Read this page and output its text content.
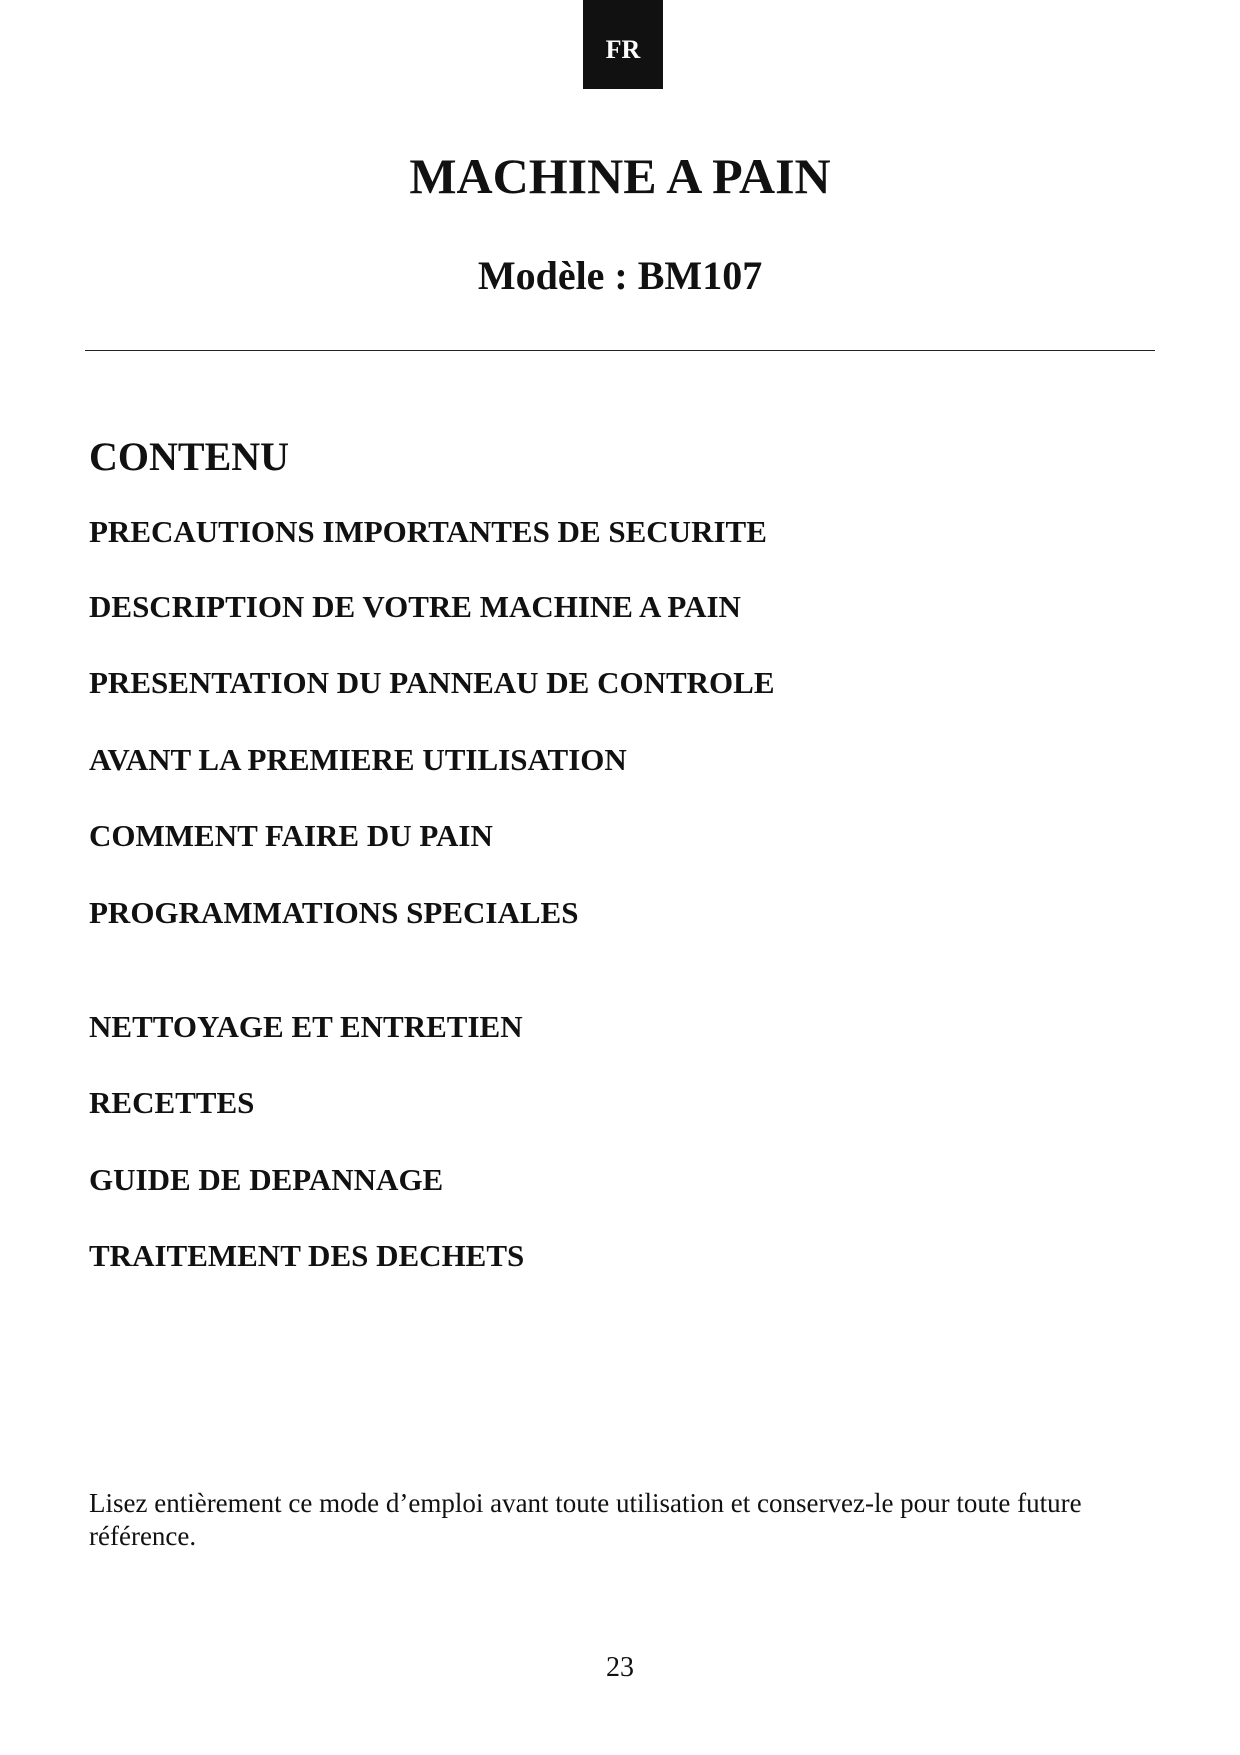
FR
MACHINE A PAIN
Modèle : BM107
CONTENU
PRECAUTIONS IMPORTANTES DE SECURITE
DESCRIPTION DE VOTRE MACHINE A PAIN
PRESENTATION DU PANNEAU DE CONTROLE
AVANT LA PREMIERE UTILISATION
COMMENT FAIRE DU PAIN
PROGRAMMATIONS SPECIALES
NETTOYAGE ET ENTRETIEN
RECETTES
GUIDE DE DEPANNAGE
TRAITEMENT DES DECHETS

Lisez entièrement ce mode d’emploi avant toute utilisation et conservez-le pour toute future référence.

23
